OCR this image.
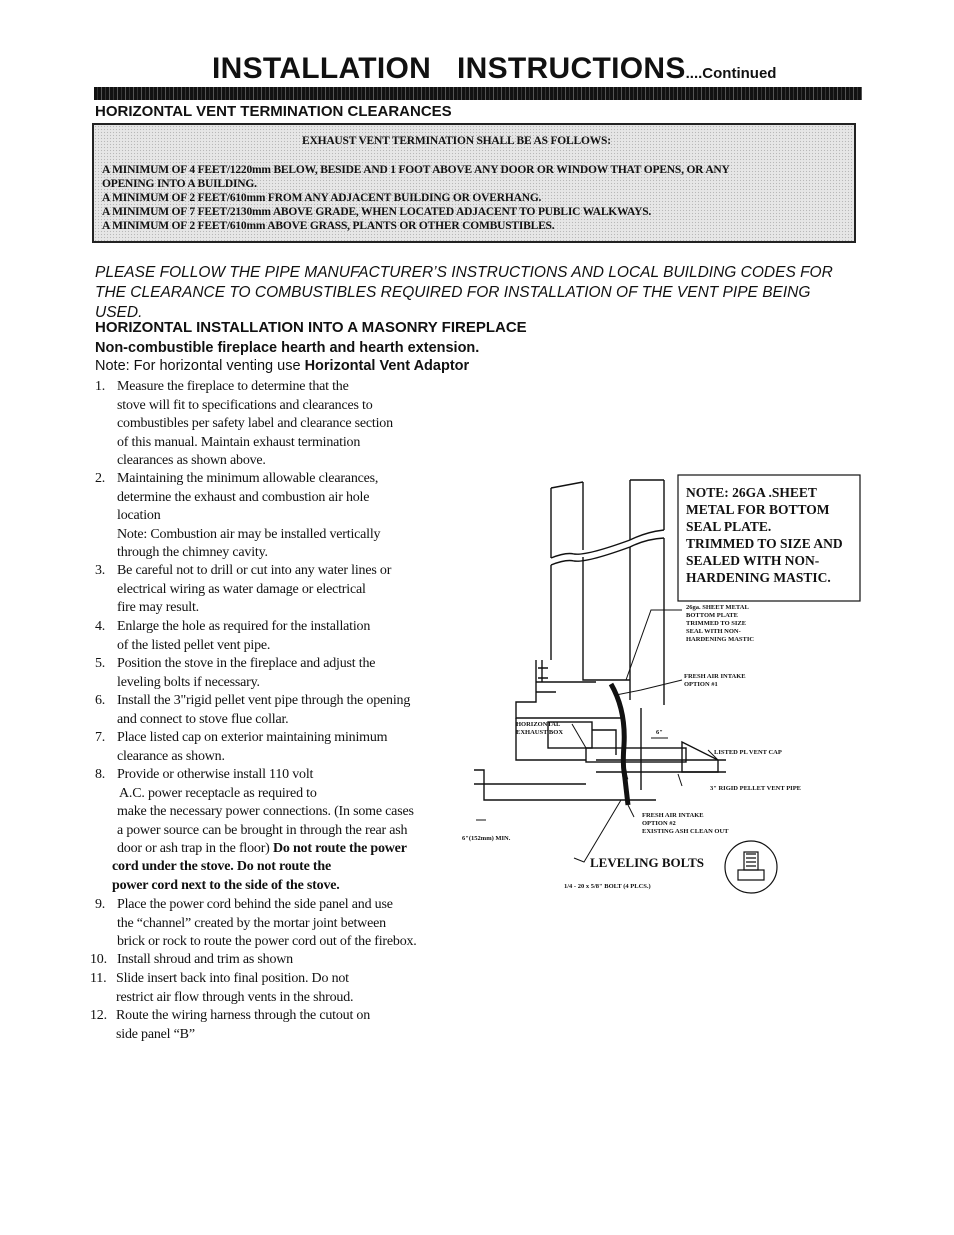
INSTALLATION   INSTRUCTIONS....Continued
HORIZONTAL VENT TERMINATION CLEARANCES
EXHAUST VENT TERMINATION SHALL BE AS FOLLOWS:
A MINIMUM OF 4 FEET/1220mm BELOW, BESIDE AND 1 FOOT ABOVE ANY DOOR OR WINDOW THAT OPENS, OR ANY
OPENING INTO A BUILDING.
A MINIMUM OF 2 FEET/610mm FROM ANY ADJACENT BUILDING OR OVERHANG.
A MINIMUM OF 7 FEET/2130mm ABOVE GRADE, WHEN LOCATED ADJACENT TO PUBLIC WALKWAYS.
A MINIMUM OF 2 FEET/610mm ABOVE GRASS, PLANTS OR OTHER COMBUSTIBLES.
PLEASE FOLLOW THE PIPE MANUFACTURER’S INSTRUCTIONS AND LOCAL BUILDING CODES FOR
THE CLEARANCE TO COMBUSTIBLES REQUIRED FOR INSTALLATION OF THE VENT PIPE BEING
USED.
HORIZONTAL INSTALLATION INTO A MASONRY FIREPLACE
Non-combustible fireplace hearth and hearth extension.
Note: For horizontal venting use Horizontal Vent Adaptor
1. Measure the fireplace to determine that the
stove will fit to specifications and clearances to
combustibles per safety label and clearance section
of this manual. Maintain exhaust termination
clearances as shown above.
2. Maintaining the minimum allowable clearances,
determine the exhaust and combustion air hole
location
Note: Combustion air may be installed vertically
through the chimney cavity.
3. Be careful not to drill or cut into any water lines or
electrical wiring as water damage or electrical
fire may result.
4. Enlarge the hole as required for the installation
of the listed pellet vent pipe.
5. Position the stove in the fireplace and adjust the
leveling bolts if necessary.
6. Install the 3"rigid pellet vent pipe through the opening
and connect to stove flue collar.
7. Place listed cap on exterior maintaining minimum
clearance as shown.
8. Provide or otherwise install 110 volt
A.C. power receptacle as required to
make the necessary power connections. (In some cases
a power source can be brought in through the rear ash
door or ash trap in the floor) Do not route the power
cord under the stove. Do not route the
power cord next to the side of the stove.
9. Place the power cord behind the side panel and use
the “channel” created by the mortar joint between
brick or rock to route the power cord out of the firebox.
10. Install shroud and trim as shown
11. Slide insert back into final position. Do not
restrict air flow through vents in the shroud.
12. Route the wiring harness through the cutout on
side panel “B”
NOTE: 26GA .SHEET
METAL FOR BOTTOM
SEAL PLATE.
TRIMMED TO SIZE AND
SEALED WITH NON-
HARDENING MASTIC.
26ga. SHEET METAL
BOTTOM PLATE
TRIMMED TO SIZE
SEAL WITH NON-
HARDENING MASTIC
FRESH AIR INTAKE
OPTION #1
HORIZONTAL
EXHAUST BOX	6"
LISTED PL VENT CAP
3" RIGID PELLET VENT PIPE
FRESH AIR INTAKE
OPTION #2
EXISTING ASH CLEAN OUT
6"(152mm) MIN.
LEVELING BOLTS
1/4 - 20 x 5/8" BOLT (4 PLCS.)
